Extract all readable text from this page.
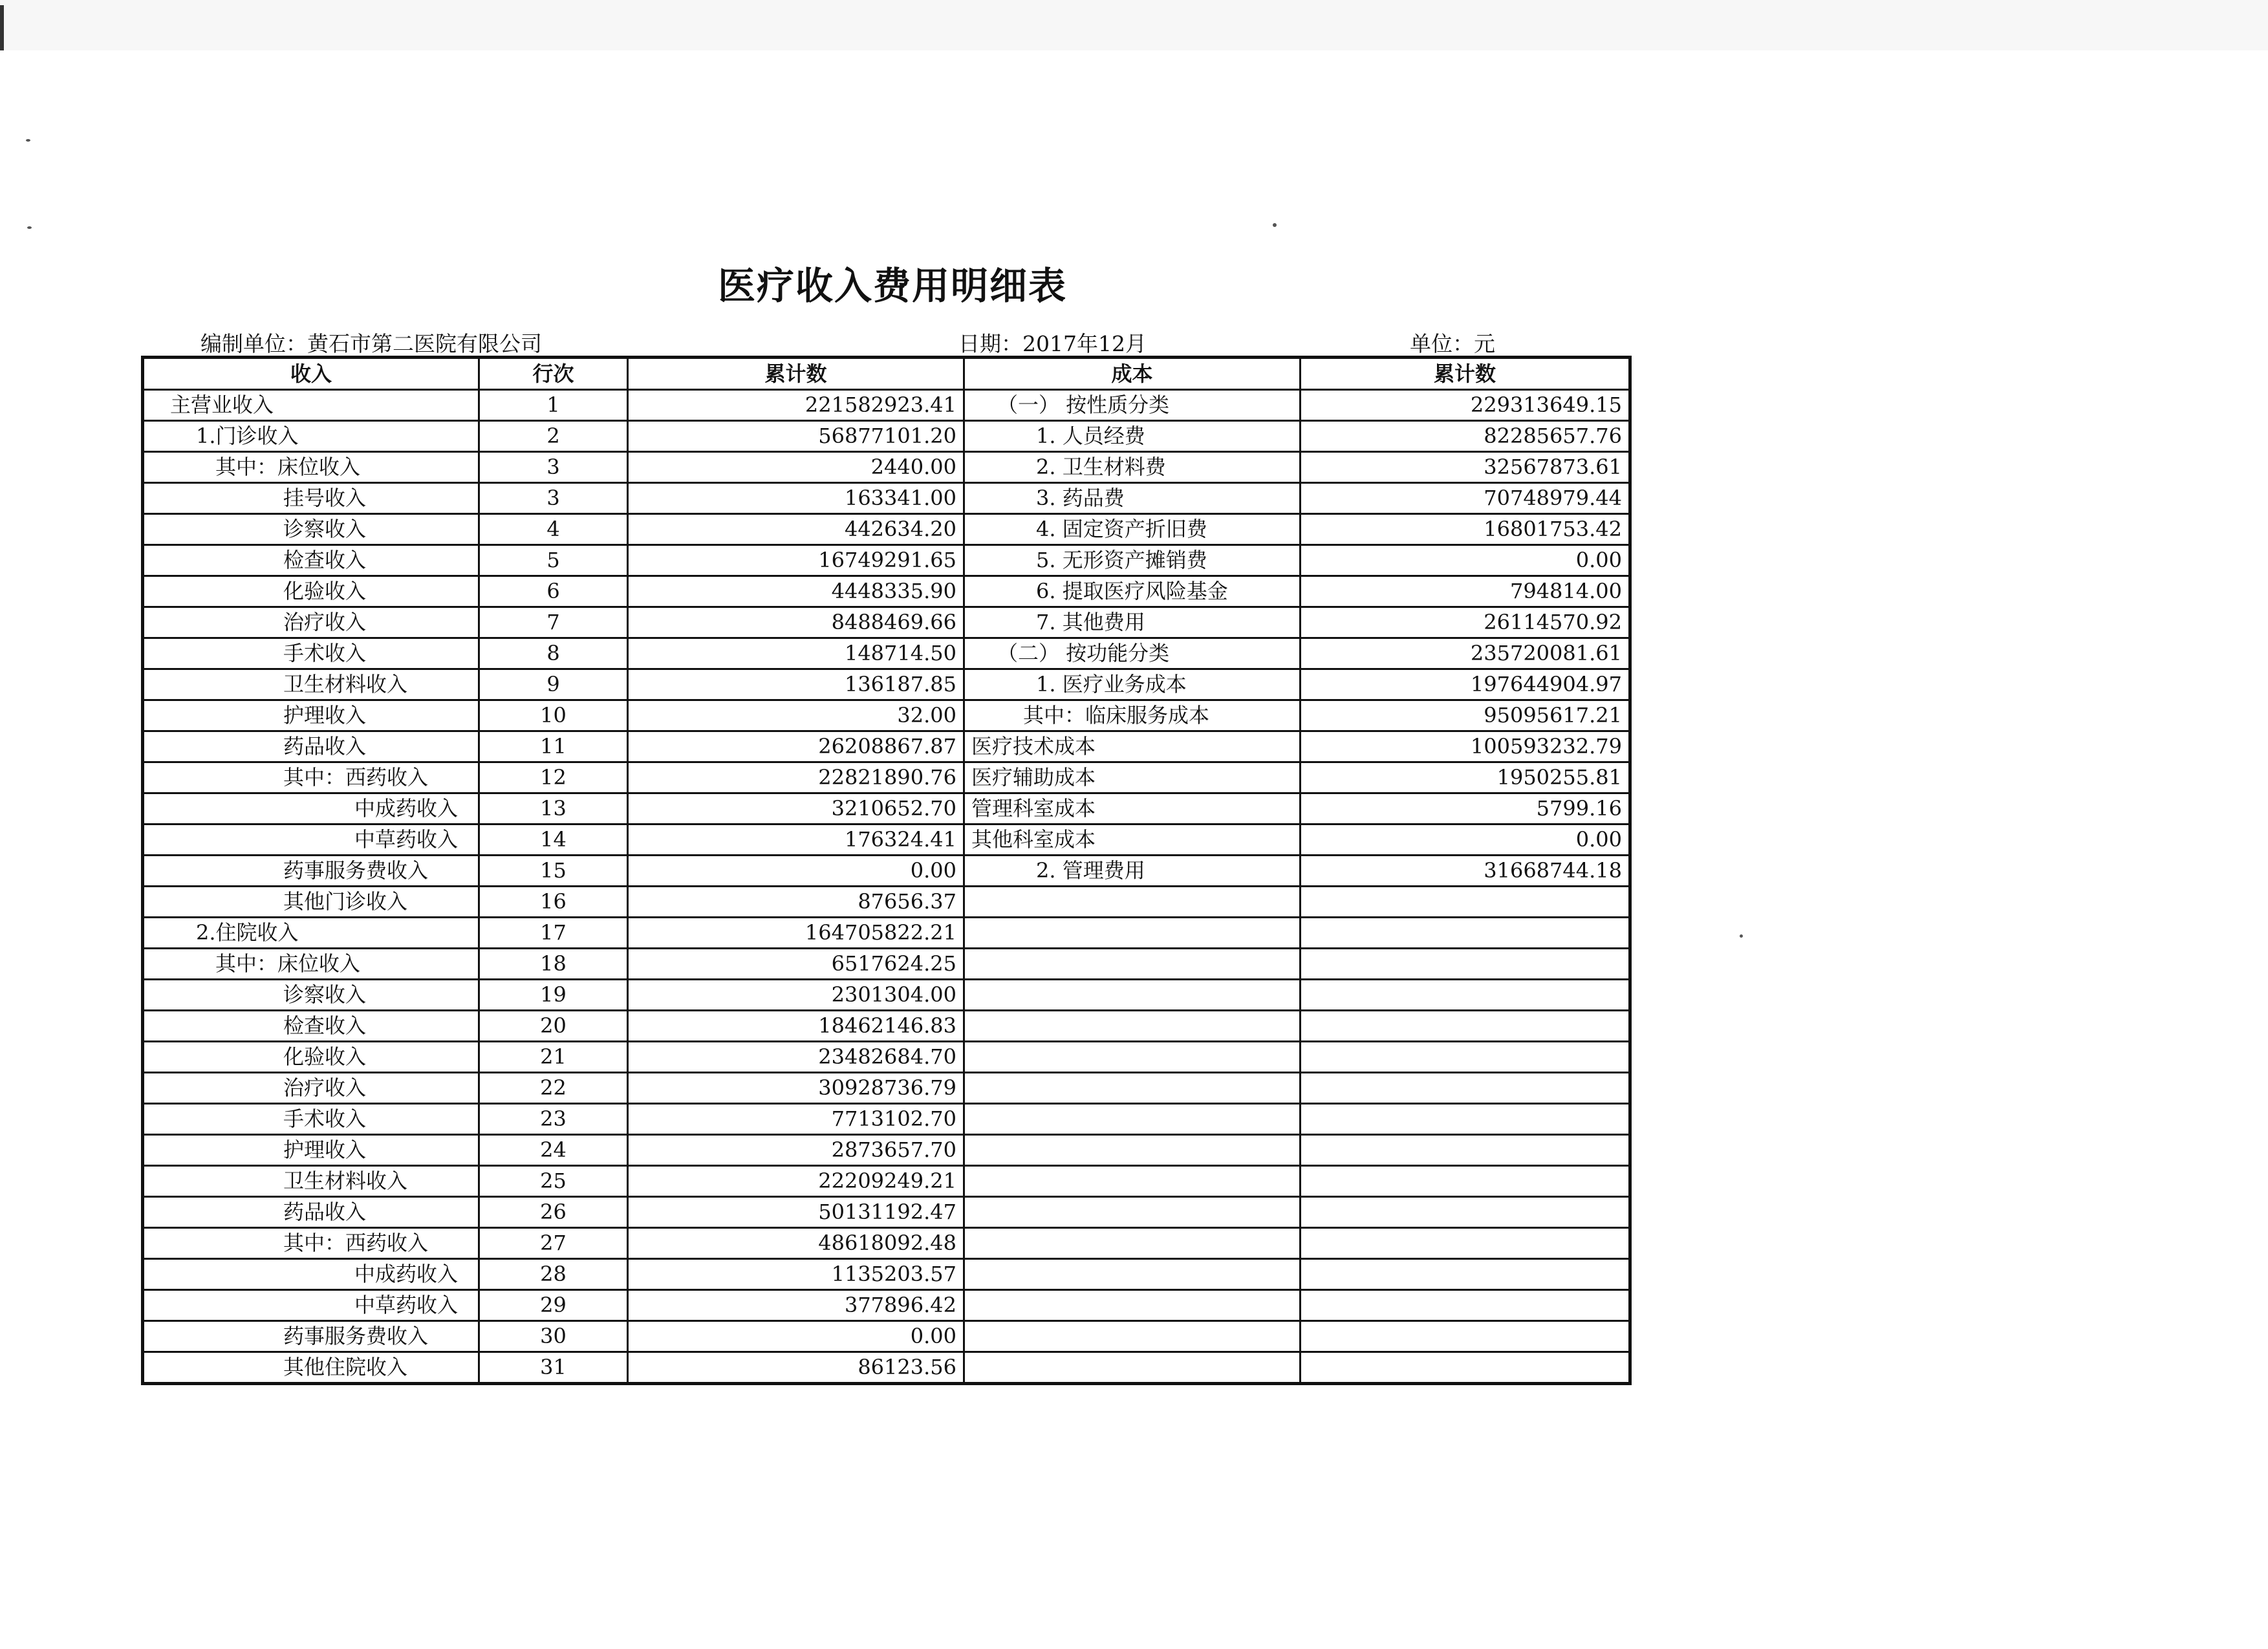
医疗收入费用明细表
编制单位：黄石市第二医院有限公司	日期：2017年12月	单位：元
收入	行次	累计数	成本	累计数
主营业收入	1	221582923.41	（一） 按性质分类	229313649.15
1.门诊收入	2	56877101.20	1. 人员经费	82285657.76
其中：床位收入	3	2440.00	2. 卫生材料费	32567873.61
挂号收入	3	163341.00	3. 药品费	70748979.44
诊察收入	4	442634.20	4. 固定资产折旧费	16801753.42
检查收入	5	16749291.65	5. 无形资产摊销费	0.00
化验收入	6	4448335.90	6. 提取医疗风险基金	794814.00
治疗收入	7	8488469.66	7. 其他费用	26114570.92
手术收入	8	148714.50	（二） 按功能分类	235720081.61
卫生材料收入	9	136187.85	1. 医疗业务成本	197644904.97
护理收入	10	32.00	其中：临床服务成本	95095617.21
药品收入	11	26208867.87	医疗技术成本	100593232.79
其中：西药收入	12	22821890.76	医疗辅助成本	1950255.81
中成药收入	13	3210652.70	管理科室成本	5799.16
中草药收入	14	176324.41	其他科室成本	0.00
药事服务费收入	15	0.00	2. 管理费用	31668744.18
其他门诊收入	16	87656.37		
2.住院收入	17	164705822.21		
其中：床位收入	18	6517624.25		
诊察收入	19	2301304.00		
检查收入	20	18462146.83		
化验收入	21	23482684.70		
治疗收入	22	30928736.79		
手术收入	23	7713102.70		
护理收入	24	2873657.70		
卫生材料收入	25	22209249.21		
药品收入	26	50131192.47		
其中：西药收入	27	48618092.48		
中成药收入	28	1135203.57		
中草药收入	29	377896.42		
药事服务费收入	30	0.00		
其他住院收入	31	86123.56		
